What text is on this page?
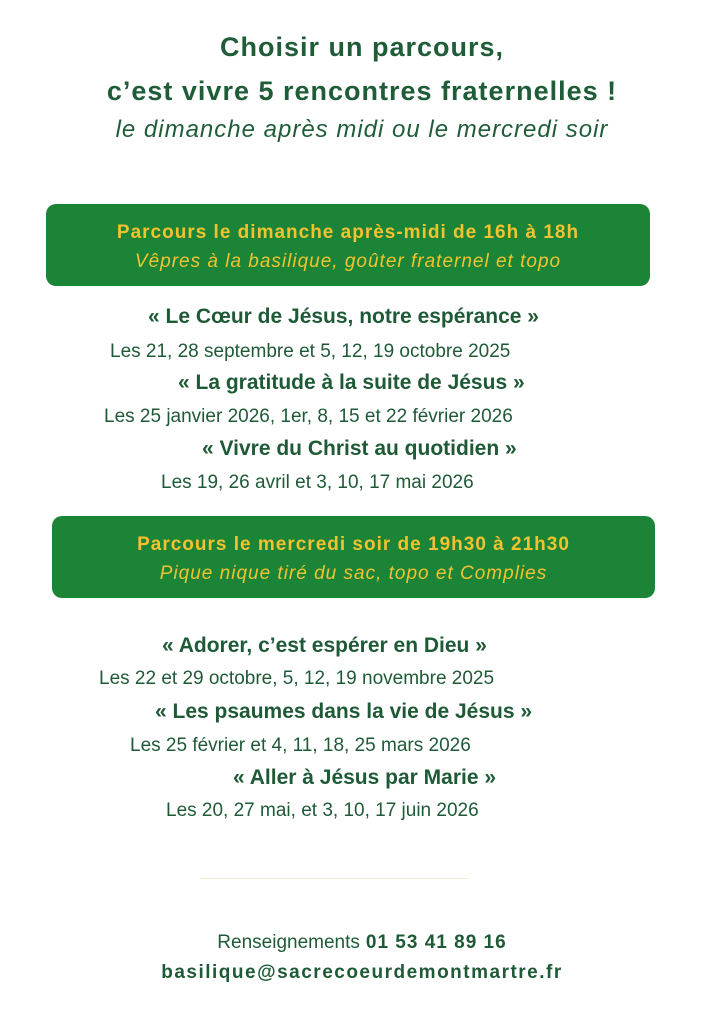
Choisir un parcours,
c’est vivre 5 rencontres fraternelles !
le dimanche après midi ou le mercredi soir
Parcours le dimanche après-midi de 16h à 18h
Vêpres à la basilique, goûter fraternel et topo
« Le Cœur de Jésus, notre espérance »
Les 21, 28 septembre et 5, 12, 19 octobre 2025
« La gratitude à la suite de Jésus »
Les 25 janvier 2026, 1er, 8, 15 et 22 février 2026
« Vivre du Christ au quotidien »
Les 19, 26 avril et 3, 10, 17 mai 2026
Parcours le mercredi soir de 19h30 à 21h30
Pique nique tiré du sac, topo et Complies
« Adorer, c’est espérer en Dieu »
Les 22 et 29 octobre, 5, 12, 19 novembre 2025
« Les psaumes dans la vie de Jésus »
Les 25 février et 4, 11, 18, 25 mars 2026
« Aller à Jésus par Marie »
Les 20, 27 mai, et 3, 10, 17 juin 2026
Renseignements 01 53 41 89 16
basilique@sacrecoeurdemontmartre.fr
